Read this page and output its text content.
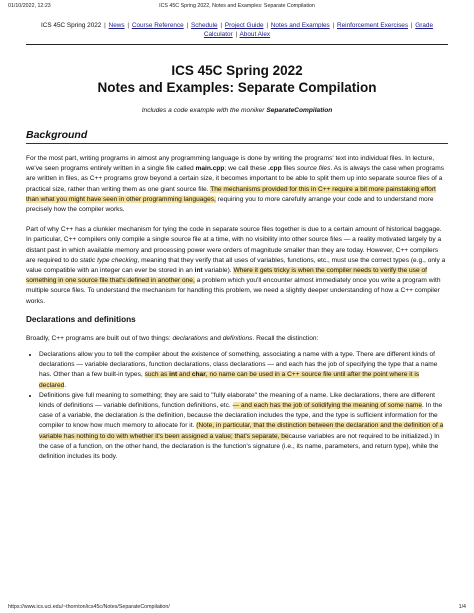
01/10/2022, 12:23	ICS 45C Spring 2022, Notes and Examples: Separate Compilation
ICS 45C Spring 2022 | News | Course Reference | Schedule | Project Guide | Notes and Examples | Reinforcement Exercises | Grade Calculator | About Alex
ICS 45C Spring 2022
Notes and Examples: Separate Compilation
Includes a code example with the moniker SeparateCompilation
Background

For the most part, writing programs in almost any programming language is done by writing the programs' text into individual files. In lecture, we've seen programs entirely written in a single file called main.cpp; we call these .cpp files source files. As is always the case when programs are written in files, as C++ programs grow beyond a certain size, it becomes important to be able to split them up into separate source files of a practical size, rather than writing them as one giant source file. The mechanisms provided for this in C++ require a bit more painstaking effort than what you might have seen in other programming languages, requiring you to more carefully arrange your code and to understand more precisely how the compiler works.

Part of why C++ has a clunkier mechanism for tying the code in separate source files together is due to a certain amount of historical baggage. In particular, C++ compilers only compile a single source file at a time, with no visibility into other source files — a reality motivated largely by a distant past in which available memory and processing power were orders of magnitude smaller than they are today. However, C++ compilers are required to do static type checking, meaning that they verify that all uses of variables, functions, etc., must use the correct types (e.g., only a value compatible with an integer can ever be stored in an int variable). Where it gets tricky is when the compiler needs to verify the use of something in one source file that's defined in another one, a problem which you'll encounter almost immediately once you write a program with multiple source files. To understand the mechanism for handling this problem, we need a slightly deeper understanding of how a C++ compiler works.

Declarations and definitions

Broadly, C++ programs are built out of two things: declarations and definitions. Recall the distinction:

• Declarations allow you to tell the compiler about the existence of something, associating a name with a type. There are different kinds of declarations — variable declarations, function declarations, class declarations — and each has the job of specifying the type that a name has. Other than a few built-in types, such as int and char, no name can be used in a C++ source file until after the point where it is declared.
• Definitions give full meaning to something; they are said to "fully elaborate" the meaning of a name. Like declarations, there are different kinds of definitions — variable definitions, function definitions, etc. — and each has the job of solidifying the meaning of some name. In the case of a variable, the declaration is the definition, because the declaration includes the type, and the type is sufficient information for the compiler to know how much memory to allocate for it. (Note, in particular, that the distinction between the declaration and the definition of a variable has nothing to do with whether it's been assigned a value; that's separate, because variables are not required to be initialized.) In the case of a function, on the other hand, the declaration is the function's signature (i.e., its name, parameters, and return type), while the definition includes its body.
https://www.ics.uci.edu/~thornton/ics45c/Notes/SeparateCompilation/	1/4
